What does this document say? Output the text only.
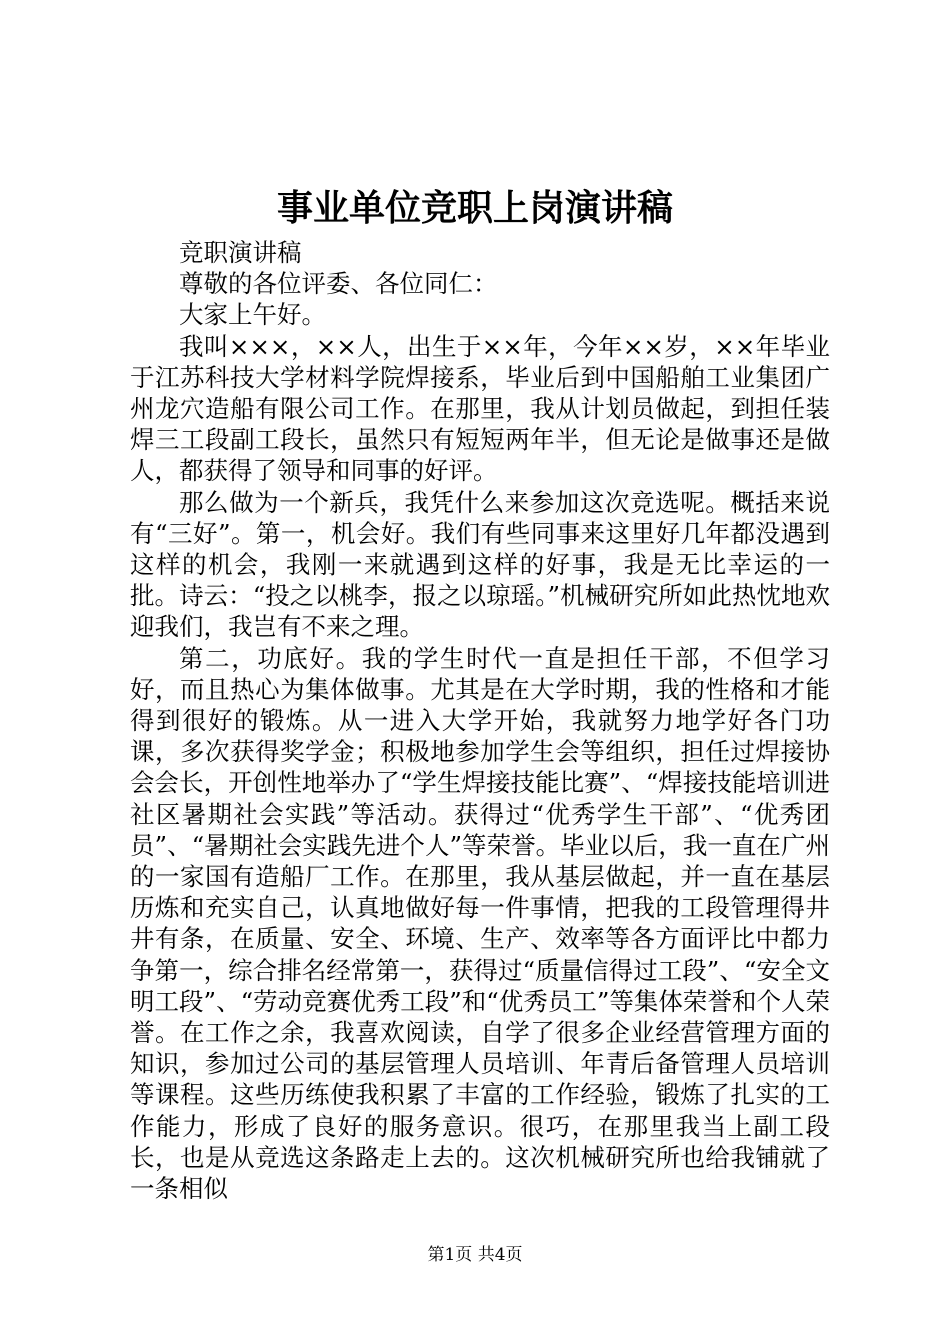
事业单位竞职上岗演讲稿

竞职演讲稿

尊敬的各位评委、各位同仁：

大家上午好。

我叫×××，××人，出生于××年，今年××岁，××年毕业于江苏科技大学材料学院焊接系，毕业后到中国船舶工业集团广州龙穴造船有限公司工作。在那里，我从计划员做起，到担任装焊三工段副工段长，虽然只有短短两年半，但无论是做事还是做人，都获得了领导和同事的好评。

那么做为一个新兵，我凭什么来参加这次竞选呢。概括来说有“三好”。第一，机会好。我们有些同事来这里好几年都没遇到这样的机会，我刚一来就遇到这样的好事，我是无比幸运的一批。诗云：“投之以桃李，报之以琼瑶。”机械研究所如此热忱地欢迎我们，我岂有不来之理。

第二，功底好。我的学生时代一直是担任干部，不但学习好，而且热心为集体做事。尤其是在大学时期，我的性格和才能得到很好的锻炼。从一进入大学开始，我就努力地学好各门功课，多次获得奖学金；积极地参加学生会等组织，担任过焊接协会会长，开创性地举办了“学生焊接技能比赛”、“焊接技能培训进社区暑期社会实践”等活动。获得过“优秀学生干部”、“优秀团员”、“暑期社会实践先进个人”等荣誉。毕业以后，我一直在广州的一家国有造船厂工作。在那里，我从基层做起，并一直在基层历炼和充实自己，认真地做好每一件事情，把我的工段管理得井井有条，在质量、安全、环境、生产、效率等各方面评比中都力争第一，综合排名经常第一，获得过“质量信得过工段”、“安全文明工段”、“劳动竞赛优秀工段”和“优秀员工”等集体荣誉和个人荣誉。在工作之余，我喜欢阅读，自学了很多企业经营管理方面的知识，参加过公司的基层管理人员培训、年青后备管理人员培训等课程。这些历练使我积累了丰富的工作经验，锻炼了扎实的工作能力，形成了良好的服务意识。很巧，在那里我当上副工段长，也是从竞选这条路走上去的。这次机械研究所也给我铺就了一条相似

第1页 共4页
